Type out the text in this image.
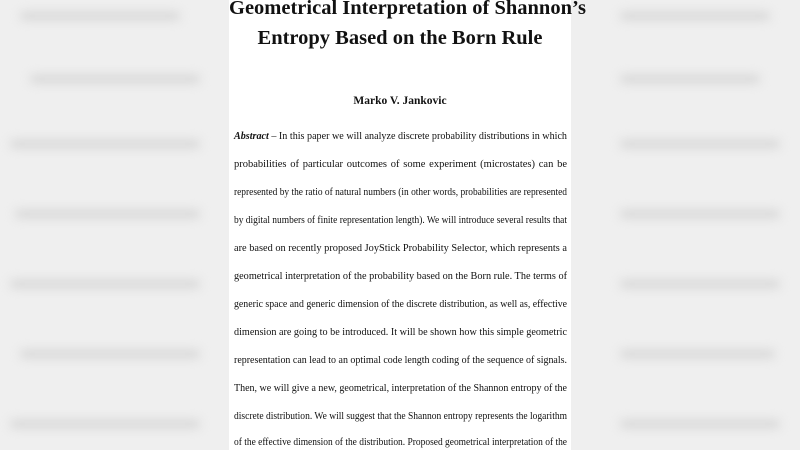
Geometrical Interpretation of Shannon’s
Entropy Based on the Born Rule
Marko V. Jankovic
Abstract – In this paper we will analyze discrete probability distributions in which
probabilities of particular outcomes of some experiment (microstates) can be
represented by the ratio of natural numbers (in other words, probabilities are represented
by digital numbers of finite representation length). We will introduce several results that
are based on recently proposed JoyStick Probability Selector, which represents a
geometrical interpretation of the probability based on the Born rule. The terms of
generic space and generic dimension of the discrete distribution, as well as, effective
dimension are going to be introduced. It will be shown how this simple geometric
representation can lead to an optimal code length coding of the sequence of signals.
Then, we will give a new, geometrical, interpretation of the Shannon entropy of the
discrete distribution. We will suggest that the Shannon entropy represents the logarithm
of the effective dimension of the distribution. Proposed geometrical interpretation of the
